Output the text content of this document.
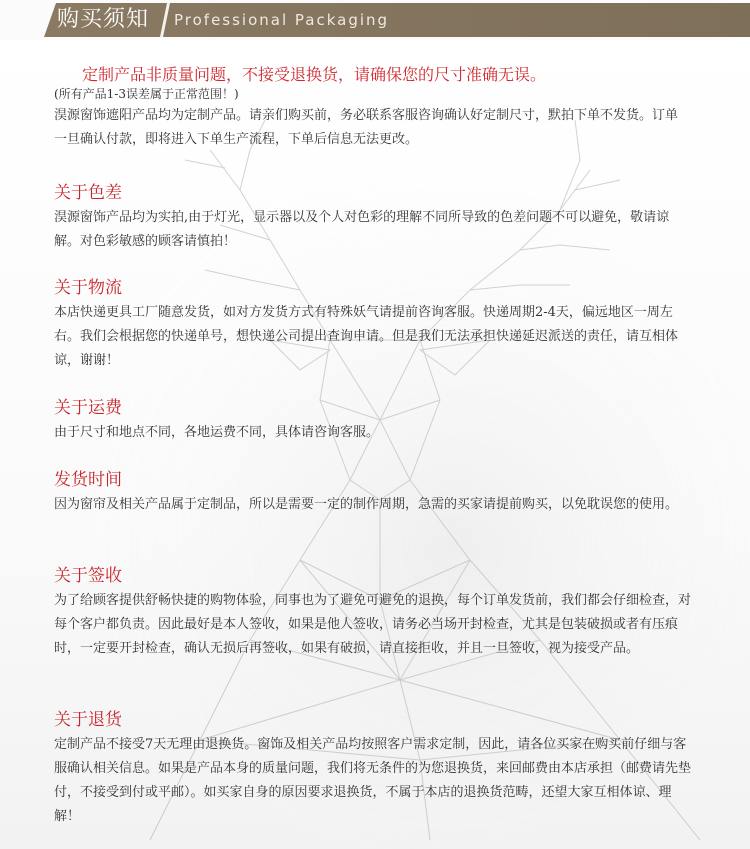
购买须知 Professional Packaging
定制产品非质量问题，不接受退换货，请确保您的尺寸准确无误。
(所有产品1-3误差属于正常范围！)
淏源窗饰遮阳产品均为定制产品。请亲们购买前，务必联系客服咨询确认好定制尺寸，默拍下单不发货。订单一旦确认付款，即将进入下单生产流程，下单后信息无法更改。
关于色差
淏源窗饰产品均为实拍,由于灯光，显示器以及个人对色彩的理解不同所导致的色差问题不可以避免，敬请谅解。对色彩敏感的顾客请慎拍！
关于物流
本店快递更具工厂随意发货，如对方发货方式有特殊妖气请提前咨询客服。快递周期2-4天，偏远地区一周左右。我们会根据您的快递单号，想快递公司提出查询申请。但是我们无法承担快递延迟派送的责任，请互相体谅，谢谢！
关于运费
由于尺寸和地点不同，各地运费不同，具体请咨询客服。
发货时间
因为窗帘及相关产品属于定制品，所以是需要一定的制作周期，急需的买家请提前购买，以免耽误您的使用。
关于签收
为了给顾客提供舒畅快捷的购物体验，同事也为了避免可避免的退换，每个订单发货前，我们都会仔细检查，对每个客户都负责。因此最好是本人签收，如果是他人签收，请务必当场开封检查，尤其是包装破损或者有压痕时，一定要开封检查，确认无损后再签收，如果有破损，请直接拒收，并且一旦签收，视为接受产品。
关于退货
定制产品不接受7天无理由退换货。窗饰及相关产品均按照客户需求定制，因此，请各位买家在购买前仔细与客服确认相关信息。如果是产品本身的质量问题，我们将无条件的为您退换货，来回邮费由本店承担（邮费请先垫付，不接受到付或平邮）。如买家自身的原因要求退换货，不属于本店的退换货范畴，还望大家互相体谅、理解！
